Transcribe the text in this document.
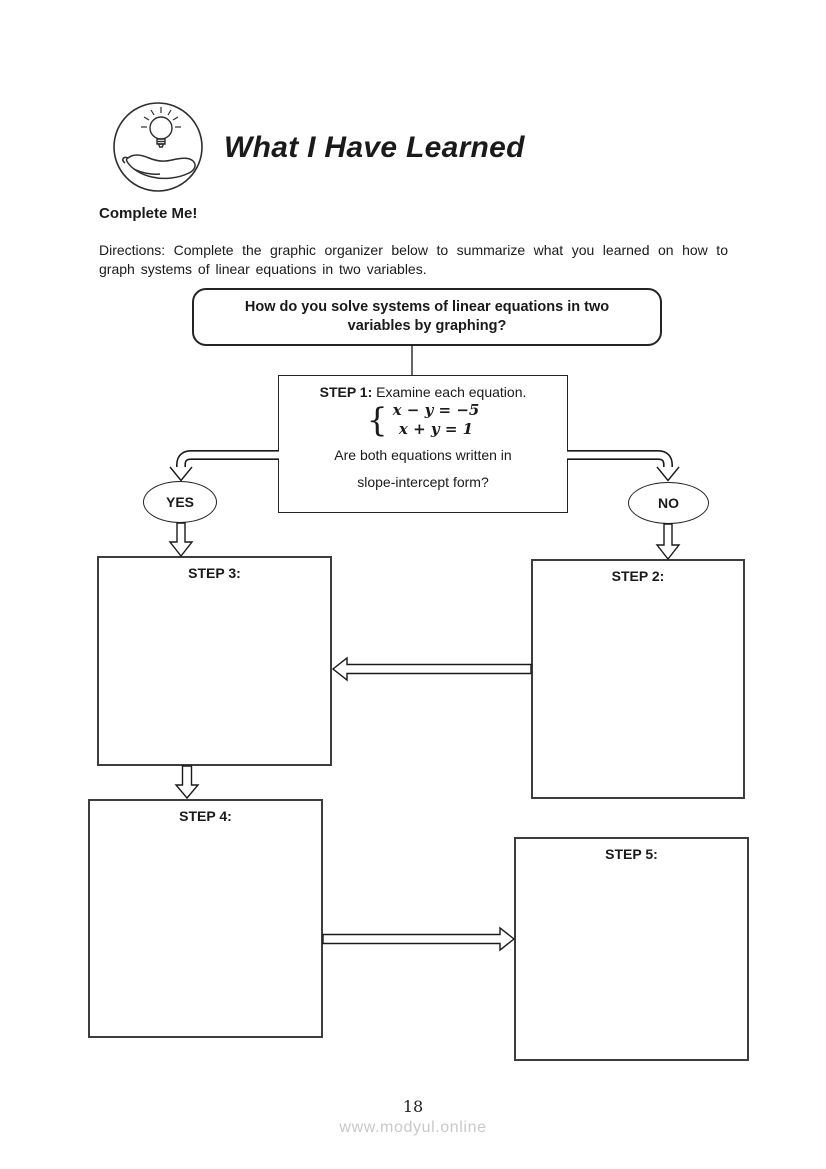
What I Have Learned
Complete Me!

Directions: Complete the graphic organizer below to summarize what you learned on how to graph systems of linear equations in two variables.

How do you solve systems of linear equations in two variables by graphing?
STEP 1: Examine each equation.
{ x − y = −5
x + y = 1
Are both equations written in
slope-intercept form?
YES	NO
STEP 3:	STEP 2:
STEP 4:
STEP 5:
18
www.modyul.online
